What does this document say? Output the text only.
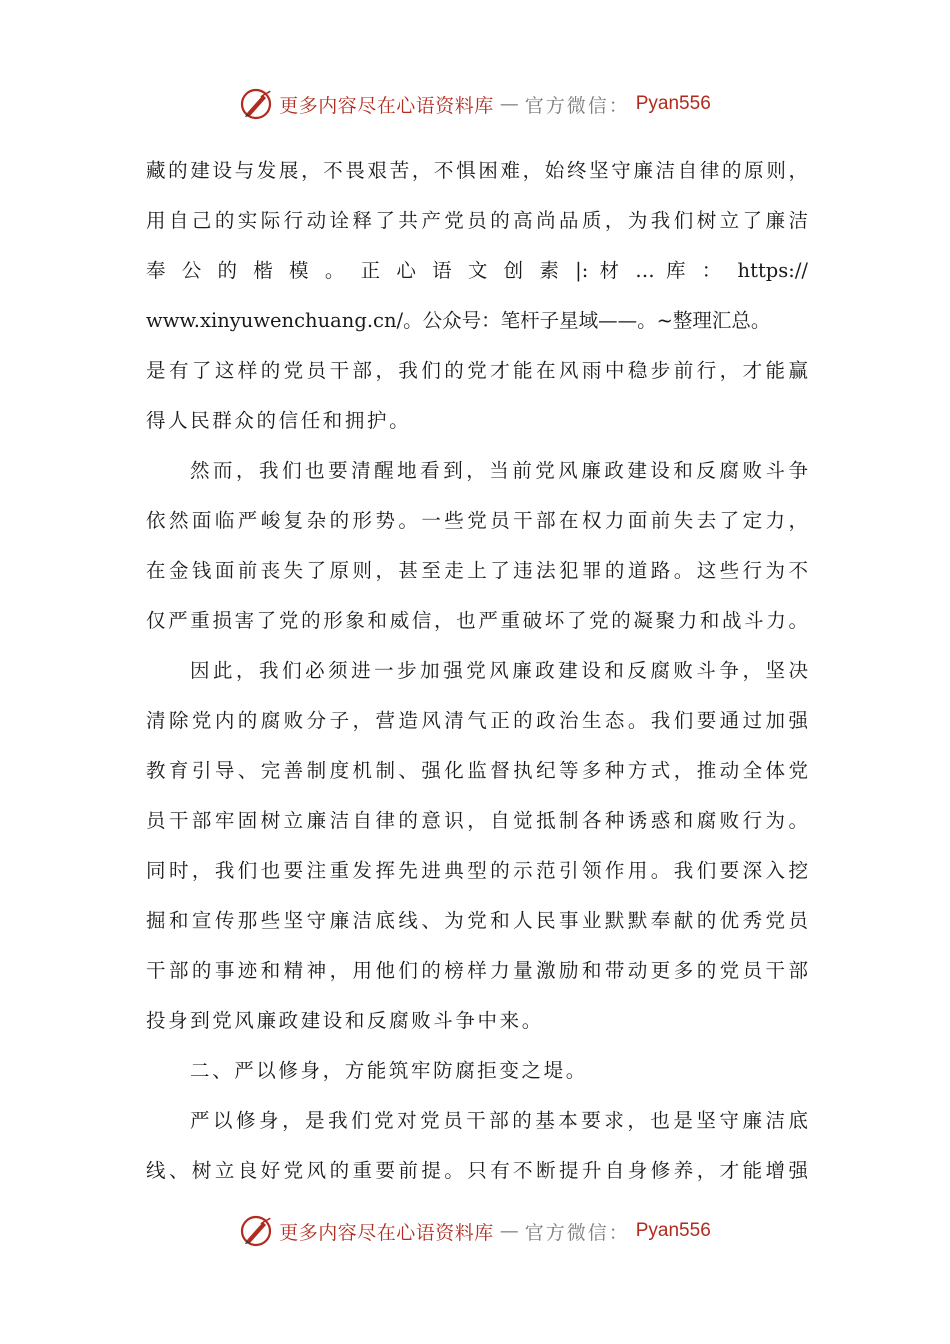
更多内容尽在心语资料库 — 官方微信： Pyan556
藏的建设与发展，不畏艰苦，不惧困难，始终坚守廉洁自律的原则，
用自己的实际行动诠释了共产党员的高尚品质，为我们树立了廉洁
奉 公 的 楷 模 。 正 心 语 文 创 素 |: 材 … 库 ： https://
www.xinyuwenchuang.cn/。公众号：笔杆子星域——。~整理汇总。
是有了这样的党员干部，我们的党才能在风雨中稳步前行，才能赢
得人民群众的信任和拥护。
然而，我们也要清醒地看到，当前党风廉政建设和反腐败斗争
依然面临严峻复杂的形势。一些党员干部在权力面前失去了定力，
在金钱面前丧失了原则，甚至走上了违法犯罪的道路。这些行为不
仅严重损害了党的形象和威信，也严重破坏了党的凝聚力和战斗力。
因此，我们必须进一步加强党风廉政建设和反腐败斗争，坚决
清除党内的腐败分子，营造风清气正的政治生态。我们要通过加强
教育引导、完善制度机制、强化监督执纪等多种方式，推动全体党
员干部牢固树立廉洁自律的意识，自觉抵制各种诱惑和腐败行为。
同时，我们也要注重发挥先进典型的示范引领作用。我们要深入挖
掘和宣传那些坚守廉洁底线、为党和人民事业默默奉献的优秀党员
干部的事迹和精神，用他们的榜样力量激励和带动更多的党员干部
投身到党风廉政建设和反腐败斗争中来。
二、严以修身，方能筑牢防腐拒变之堤。
严以修身，是我们党对党员干部的基本要求，也是坚守廉洁底
线、树立良好党风的重要前提。只有不断提升自身修养，才能增强
更多内容尽在心语资料库 — 官方微信： Pyan556
